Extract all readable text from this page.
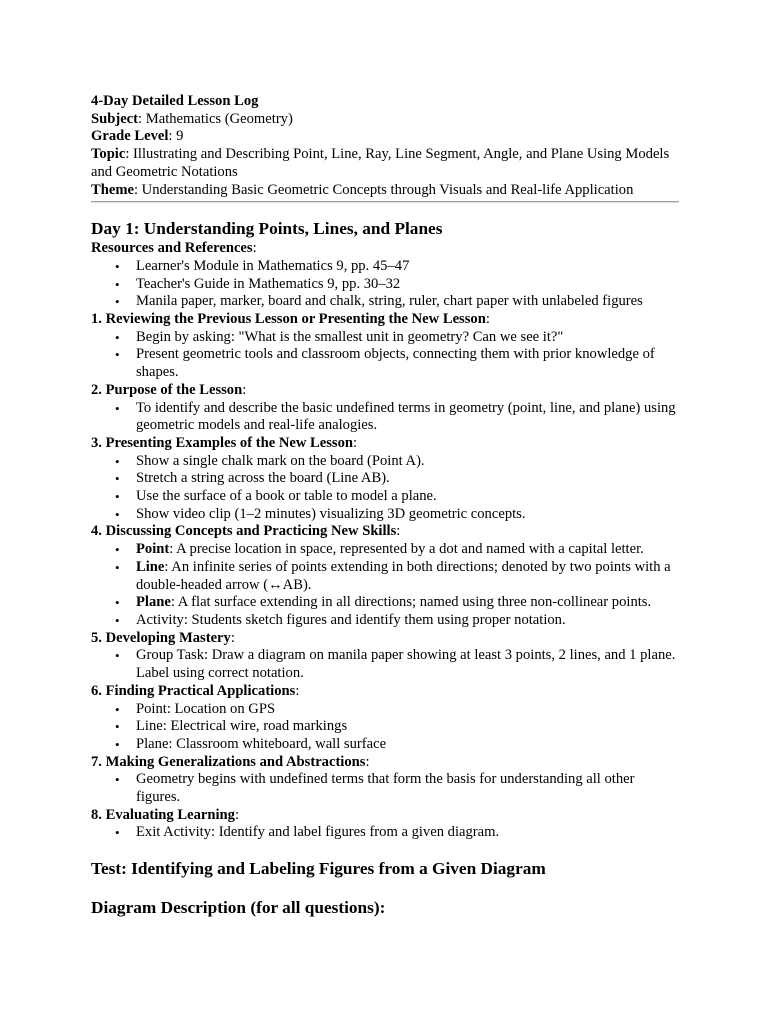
4-Day Detailed Lesson Log

Subject: Mathematics (Geometry)

Grade Level: 9

Topic: Illustrating and Describing Point, Line, Ray, Line Segment, Angle, and Plane Using Models and Geometric Notations

Theme: Understanding Basic Geometric Concepts through Visuals and Real-life Application

Day 1: Understanding Points, Lines, and Planes

Resources and References:

• Learner's Module in Mathematics 9, pp. 45–47
• Teacher's Guide in Mathematics 9, pp. 30–32
• Manila paper, marker, board and chalk, string, ruler, chart paper with unlabeled figures

1. Reviewing the Previous Lesson or Presenting the New Lesson:

• Begin by asking: "What is the smallest unit in geometry? Can we see it?"
• Present geometric tools and classroom objects, connecting them with prior knowledge of shapes.

2. Purpose of the Lesson:

• To identify and describe the basic undefined terms in geometry (point, line, and plane) using geometric models and real-life analogies.

3. Presenting Examples of the New Lesson:

• Show a single chalk mark on the board (Point A).
• Stretch a string across the board (Line AB).
• Use the surface of a book or table to model a plane.
• Show video clip (1–2 minutes) visualizing 3D geometric concepts.

4. Discussing Concepts and Practicing New Skills:

• Point: A precise location in space, represented by a dot and named with a capital letter.
• Line: An infinite series of points extending in both directions; denoted by two points with a double-headed arrow (↔AB).
• Plane: A flat surface extending in all directions; named using three non-collinear points.
• Activity: Students sketch figures and identify them using proper notation.

5. Developing Mastery:

• Group Task: Draw a diagram on manila paper showing at least 3 points, 2 lines, and 1 plane. Label using correct notation.

6. Finding Practical Applications:

• Point: Location on GPS
• Line: Electrical wire, road markings
• Plane: Classroom whiteboard, wall surface

7. Making Generalizations and Abstractions:

• Geometry begins with undefined terms that form the basis for understanding all other figures.

8. Evaluating Learning:

• Exit Activity: Identify and label figures from a given diagram.
Test: Identifying and Labeling Figures from a Given Diagram
Diagram Description (for all questions):
